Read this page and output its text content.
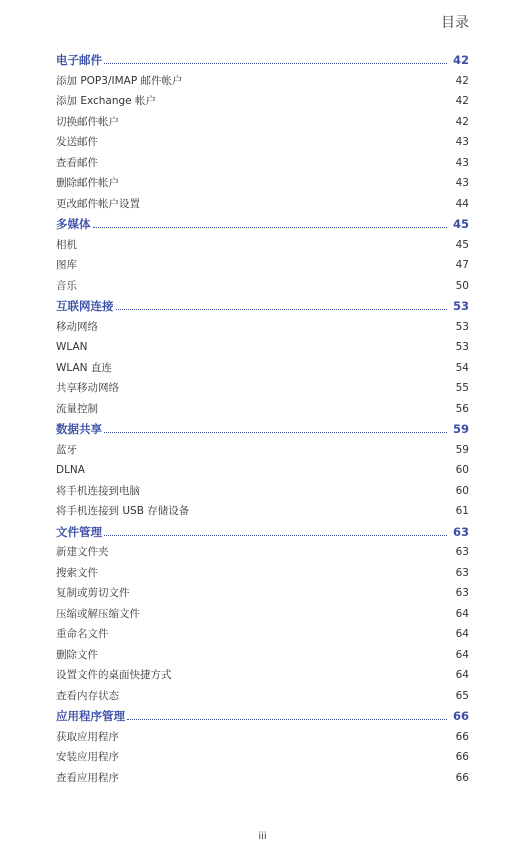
目录
电子邮件	42
添加 POP3/IMAP 邮件帐户	42
添加 Exchange 帐户	42
切换邮件帐户	42
发送邮件	43
查看邮件	43
删除邮件帐户	43
更改邮件帐户设置	44
多媒体	45
相机	45
图库	47
音乐	50
互联网连接	53
移动网络	53
WLAN	53
WLAN 直连	54
共享移动网络	55
流量控制	56
数据共享	59
蓝牙	59
DLNA	60
将手机连接到电脑	60
将手机连接到 USB 存储设备	61
文件管理	63
新建文件夹	63
搜索文件	63
复制或剪切文件	63
压缩或解压缩文件	64
重命名文件	64
删除文件	64
设置文件的桌面快捷方式	64
查看内存状态	65
应用程序管理	66
获取应用程序	66
安装应用程序	66
查看应用程序	66
iii
